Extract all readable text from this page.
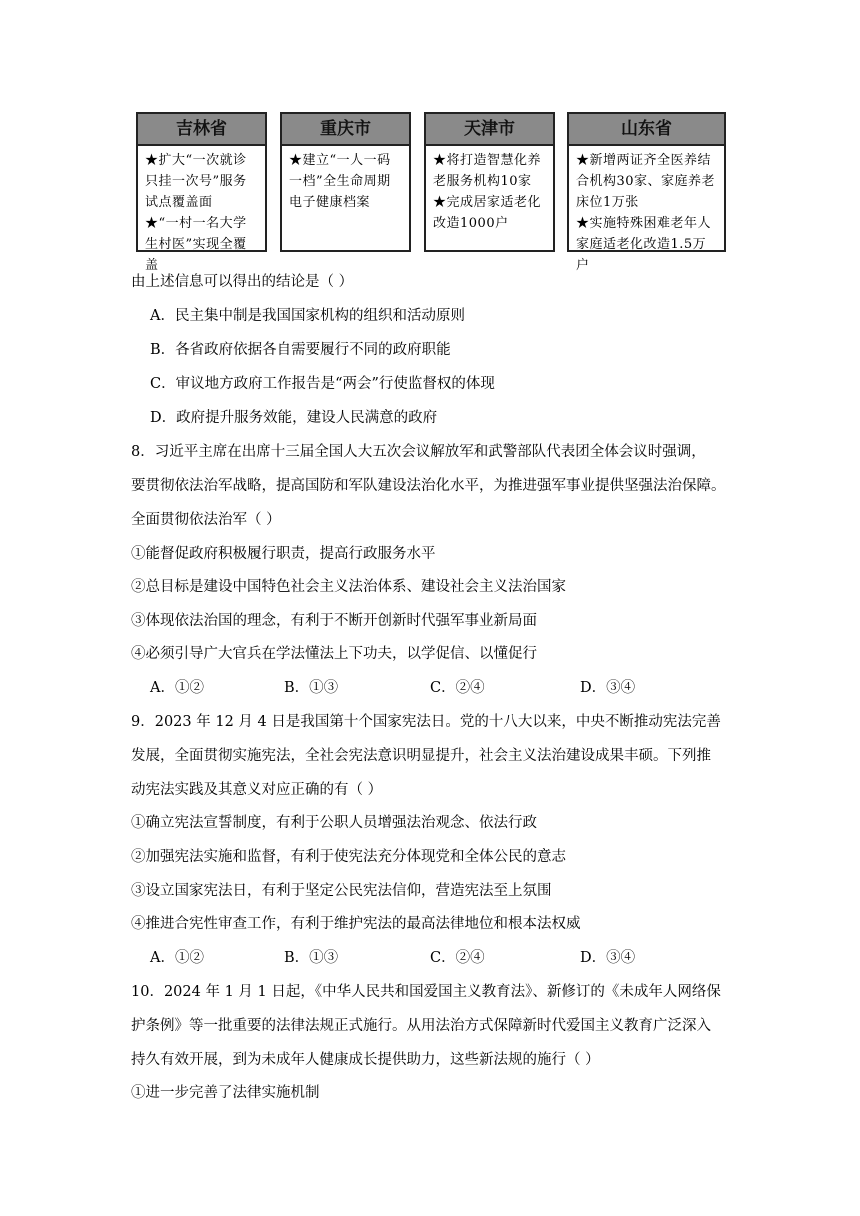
吉林省
★扩大“一次就诊
只挂一次号”服务
试点覆盖面
★“一村一名大学
生村医”实现全覆
盖
重庆市
★建立“一人一码
一档”全生命周期
电子健康档案
天津市
★将打造智慧化养
老服务机构10家
★完成居家适老化
改造1000户
山东省
★新增两证齐全医养结
合机构30家、家庭养老
床位1万张
★实施特殊困难老年人
家庭适老化改造1.5万
户
由上述信息可以得出的结论是（ ）
A．民主集中制是我国国家机构的组织和活动原则
B．各省政府依据各自需要履行不同的政府职能
C．审议地方政府工作报告是“两会”行使监督权的体现
D．政府提升服务效能，建设人民满意的政府
8．习近平主席在出席十三届全国人大五次会议解放军和武警部队代表团全体会议时强调，
要贯彻依法治军战略，提高国防和军队建设法治化水平，为推进强军事业提供坚强法治保障。
全面贯彻依法治军（ ）
①能督促政府积极履行职责，提高行政服务水平
②总目标是建设中国特色社会主义法治体系、建设社会主义法治国家
③体现依法治国的理念，有利于不断开创新时代强军事业新局面
④必须引导广大官兵在学法懂法上下功夫，以学促信、以懂促行
A．①②	B．①③	C．②④	D．③④
9．2023 年 12 月 4 日是我国第十个国家宪法日。党的十八大以来，中央不断推动宪法完善
发展，全面贯彻实施宪法，全社会宪法意识明显提升，社会主义法治建设成果丰硕。下列推
动宪法实践及其意义对应正确的有（ ）
①确立宪法宣誓制度，有利于公职人员增强法治观念、依法行政
②加强宪法实施和监督，有利于使宪法充分体现党和全体公民的意志
③设立国家宪法日，有利于坚定公民宪法信仰，营造宪法至上氛围
④推进合宪性审查工作，有利于维护宪法的最高法律地位和根本法权威
A．①②	B．①③	C．②④	D．③④
10．2024 年 1 月 1 日起，《中华人民共和国爱国主义教育法》、新修订的《未成年人网络保
护条例》等一批重要的法律法规正式施行。从用法治方式保障新时代爱国主义教育广泛深入
持久有效开展，到为未成年人健康成长提供助力，这些新法规的施行（ ）
①进一步完善了法律实施机制
